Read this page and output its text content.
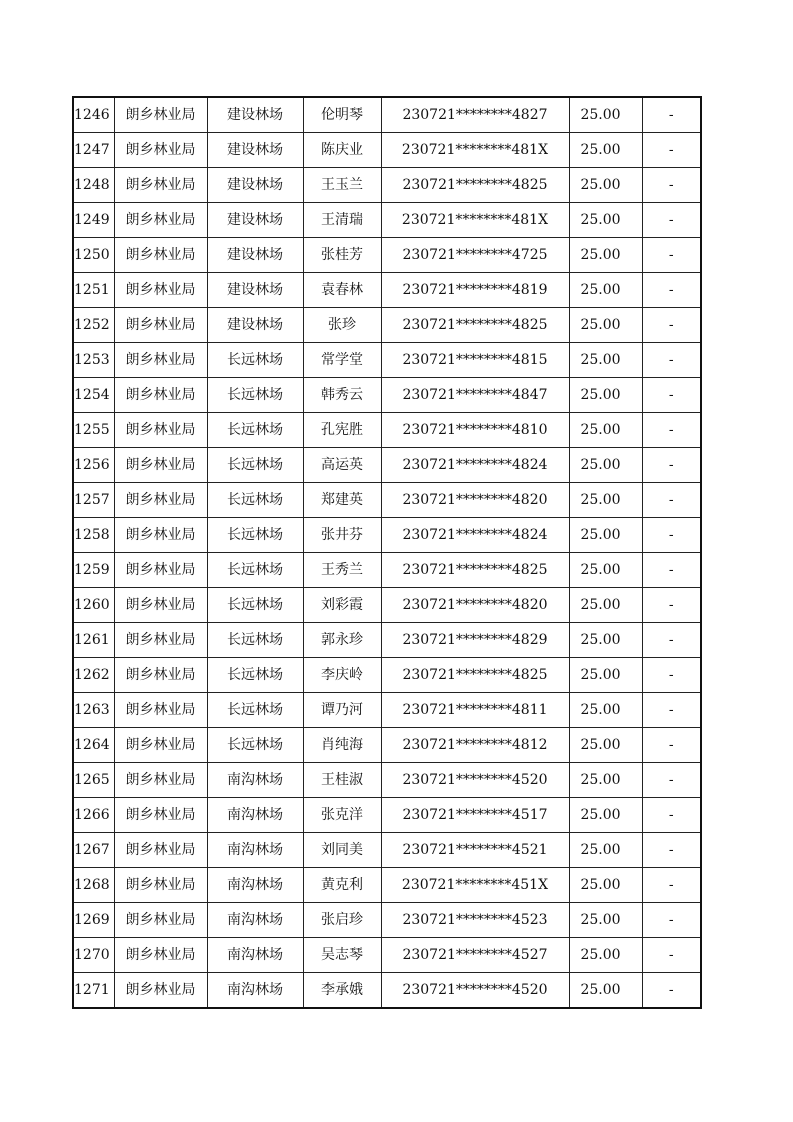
1246	朗乡林业局	建设林场	伦明琴	230721********4827	25.00	-
1247	朗乡林业局	建设林场	陈庆业	230721********481X	25.00	-
1248	朗乡林业局	建设林场	王玉兰	230721********4825	25.00	-
1249	朗乡林业局	建设林场	王清瑞	230721********481X	25.00	-
1250	朗乡林业局	建设林场	张桂芳	230721********4725	25.00	-
1251	朗乡林业局	建设林场	袁春林	230721********4819	25.00	-
1252	朗乡林业局	建设林场	张珍	230721********4825	25.00	-
1253	朗乡林业局	长远林场	常学堂	230721********4815	25.00	-
1254	朗乡林业局	长远林场	韩秀云	230721********4847	25.00	-
1255	朗乡林业局	长远林场	孔宪胜	230721********4810	25.00	-
1256	朗乡林业局	长远林场	高运英	230721********4824	25.00	-
1257	朗乡林业局	长远林场	郑建英	230721********4820	25.00	-
1258	朗乡林业局	长远林场	张井芬	230721********4824	25.00	-
1259	朗乡林业局	长远林场	王秀兰	230721********4825	25.00	-
1260	朗乡林业局	长远林场	刘彩霞	230721********4820	25.00	-
1261	朗乡林业局	长远林场	郭永珍	230721********4829	25.00	-
1262	朗乡林业局	长远林场	李庆岭	230721********4825	25.00	-
1263	朗乡林业局	长远林场	谭乃河	230721********4811	25.00	-
1264	朗乡林业局	长远林场	肖纯海	230721********4812	25.00	-
1265	朗乡林业局	南沟林场	王桂淑	230721********4520	25.00	-
1266	朗乡林业局	南沟林场	张克洋	230721********4517	25.00	-
1267	朗乡林业局	南沟林场	刘同美	230721********4521	25.00	-
1268	朗乡林业局	南沟林场	黄克利	230721********451X	25.00	-
1269	朗乡林业局	南沟林场	张启珍	230721********4523	25.00	-
1270	朗乡林业局	南沟林场	吴志琴	230721********4527	25.00	-
1271	朗乡林业局	南沟林场	李承娥	230721********4520	25.00	-
